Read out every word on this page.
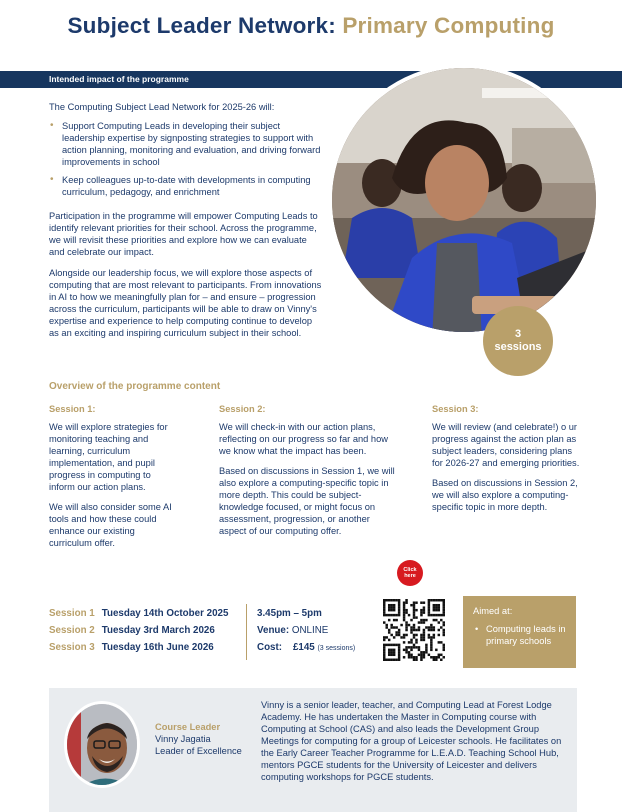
Subject Leader Network: Primary Computing
Intended impact of the programme
3
sessions
The Computing Subject Lead Network for 2025-26 will:
• Support Computing Leads in developing their subject leadership expertise by signposting strategies to support with action planning, monitoring and evaluation, and driving forward improvements in school
• Keep colleagues up-to-date with developments in computing curriculum, pedagogy, and enrichment
Participation in the programme will empower Computing Leads to identify relevant priorities for their school. Across the programme, we will revisit these priorities and explore how we can evaluate and celebrate our impact.
Alongside our leadership focus, we will explore those aspects of computing that are most relevant to participants. From innovations in AI to how we meaningfully plan for – and ensure – progression across the curriculum, participants will be able to draw on Vinny's expertise and experience to help computing continue to develop as an exciting and inspiring curriculum subject in their school.
Overview of the programme content
Session 1:	Session 2:	Session 3:

We will explore strategies for monitoring teaching and learning, curriculum implementation, and pupil progress in computing to inform our action plans.

We will also consider some AI tools and how these could enhance our existing curriculum offer.

We will check-in with our action plans, reflecting on our progress so far and how we know what the impact has been.

Based on discussions in Session 1, we will also explore a computing-specific topic in more depth. This could be subject-knowledge focused, or might focus on assessment, progression, or another aspect of our computing offer.

We will review (and celebrate!) o ur progress against the action plan as subject leaders, considering plans for 2026-27 and emerging priorities.

Based on discussions in Session 2, we will also explore a computing-specific topic in more depth.

Click
here
Session 1 Tuesday 14th October 2025
Session 2 Tuesday 3rd March 2026
Session 3 Tuesday 16th June 2026
3.45pm – 5pm
Venue: ONLINE
Cost: £145 (3 sessions)
Aimed at:
• Computing leads in primary schools
Course Leader
Vinny Jagatia
Leader of Excellence
Vinny is a senior leader, teacher, and Computing Lead at Forest Lodge Academy. He has undertaken the Master in Computing course with Computing at School (CAS) and also leads the Development Group Meetings for computing for a group of Leicester schools. He facilitates on the Early Career Teacher Programme for L.E.A.D. Teaching School Hub, mentors PGCE students for the University of Leicester and delivers computing workshops for PGCE students.
